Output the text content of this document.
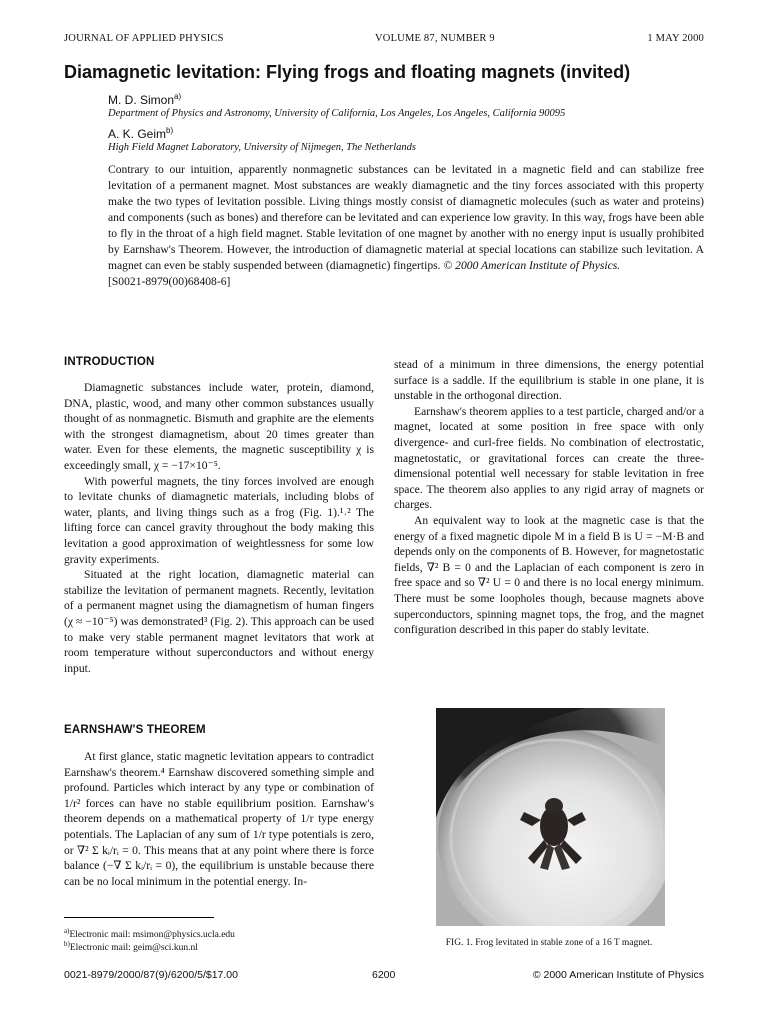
JOURNAL OF APPLIED PHYSICS	VOLUME 87, NUMBER 9	1 MAY 2000
Diamagnetic levitation: Flying frogs and floating magnets (invited)
M. D. Simon$^{a)}$
Department of Physics and Astronomy, University of California, Los Angeles, Los Angeles, California 90095
A. K. Geim$^{b)}$
High Field Magnet Laboratory, University of Nijmegen, The Netherlands
Contrary to our intuition, apparently nonmagnetic substances can be levitated in a magnetic field and can stabilize free levitation of a permanent magnet. Most substances are weakly diamagnetic and the tiny forces associated with this property make the two types of levitation possible. Living things mostly consist of diamagnetic molecules (such as water and proteins) and components (such as bones) and therefore can be levitated and can experience low gravity. In this way, frogs have been able to fly in the throat of a high field magnet. Stable levitation of one magnet by another with no energy input is usually prohibited by Earnshaw's Theorem. However, the introduction of diamagnetic material at special locations can stabilize such levitation. A magnet can even be stably suspended between (diamagnetic) fingertips. © 2000 American Institute of Physics.
[S0021-8979(00)68408-6]
INTRODUCTION

Diamagnetic substances include water, protein, diamond, DNA, plastic, wood, and many other common substances usually thought of as nonmagnetic. Bismuth and graphite are the elements with the strongest diamagnetism, about 20 times greater than water. Even for these elements, the magnetic susceptibility χ is exceedingly small, χ = −17×10⁻⁵.

With powerful magnets, the tiny forces involved are enough to levitate chunks of diamagnetic materials, including blobs of water, plants, and living things such as a frog (Fig. 1).¹˒² The lifting force can cancel gravity throughout the body making this levitation a good approximation of weightlessness for some low gravity experiments.

Situated at the right location, diamagnetic material can stabilize the levitation of permanent magnets. Recently, levitation of a permanent magnet using the diamagnetism of human fingers (χ ≈ −10⁻⁵) was demonstrated³ (Fig. 2). This approach can be used to make very stable permanent magnet levitators that work at room temperature without superconductors and without energy input.

EARNSHAW'S THEOREM

At first glance, static magnetic levitation appears to contradict Earnshaw's theorem.⁴ Earnshaw discovered something simple and profound. Particles which interact by any type or combination of 1/r² forces can have no stable equilibrium position. Earnshaw's theorem depends on a mathematical property of 1/r type energy potentials. The Laplacian of any sum of 1/r type potentials is zero, or ∇² Σ kᵢ/rᵢ = 0. This means that at any point where there is force balance (−∇ Σ kᵢ/rᵢ = 0), the equilibrium is unstable because there can be no local minimum in the potential energy. In-

stead of a minimum in three dimensions, the energy potential surface is a saddle. If the equilibrium is stable in one plane, it is unstable in the orthogonal direction.

Earnshaw's theorem applies to a test particle, charged and/or a magnet, located at some position in free space with only divergence- and curl-free fields. No combination of electrostatic, magnetostatic, or gravitational forces can create the three-dimensional potential well necessary for stable levitation in free space. The theorem also applies to any rigid array of magnets or charges.

An equivalent way to look at the magnetic case is that the energy of a fixed magnetic dipole M in a field B is U = −M·B and depends only on the components of B. However, for magnetostatic fields, ∇² B = 0 and the Laplacian of each component is zero in free space and so ∇² U = 0 and there is no local energy minimum. There must be some loopholes though, because magnets above superconductors, spinning magnet tops, the frog, and the magnet configuration described in this paper do stably levitate.

FIG. 1. Frog levitated in stable zone of a 16 T magnet.
$^{a)}$Electronic mail: msimon@physics.ucla.edu
$^{b)}$Electronic mail: geim@sci.kun.nl
0021-8979/2000/87(9)/6200/5/$17.00	6200	© 2000 American Institute of Physics
